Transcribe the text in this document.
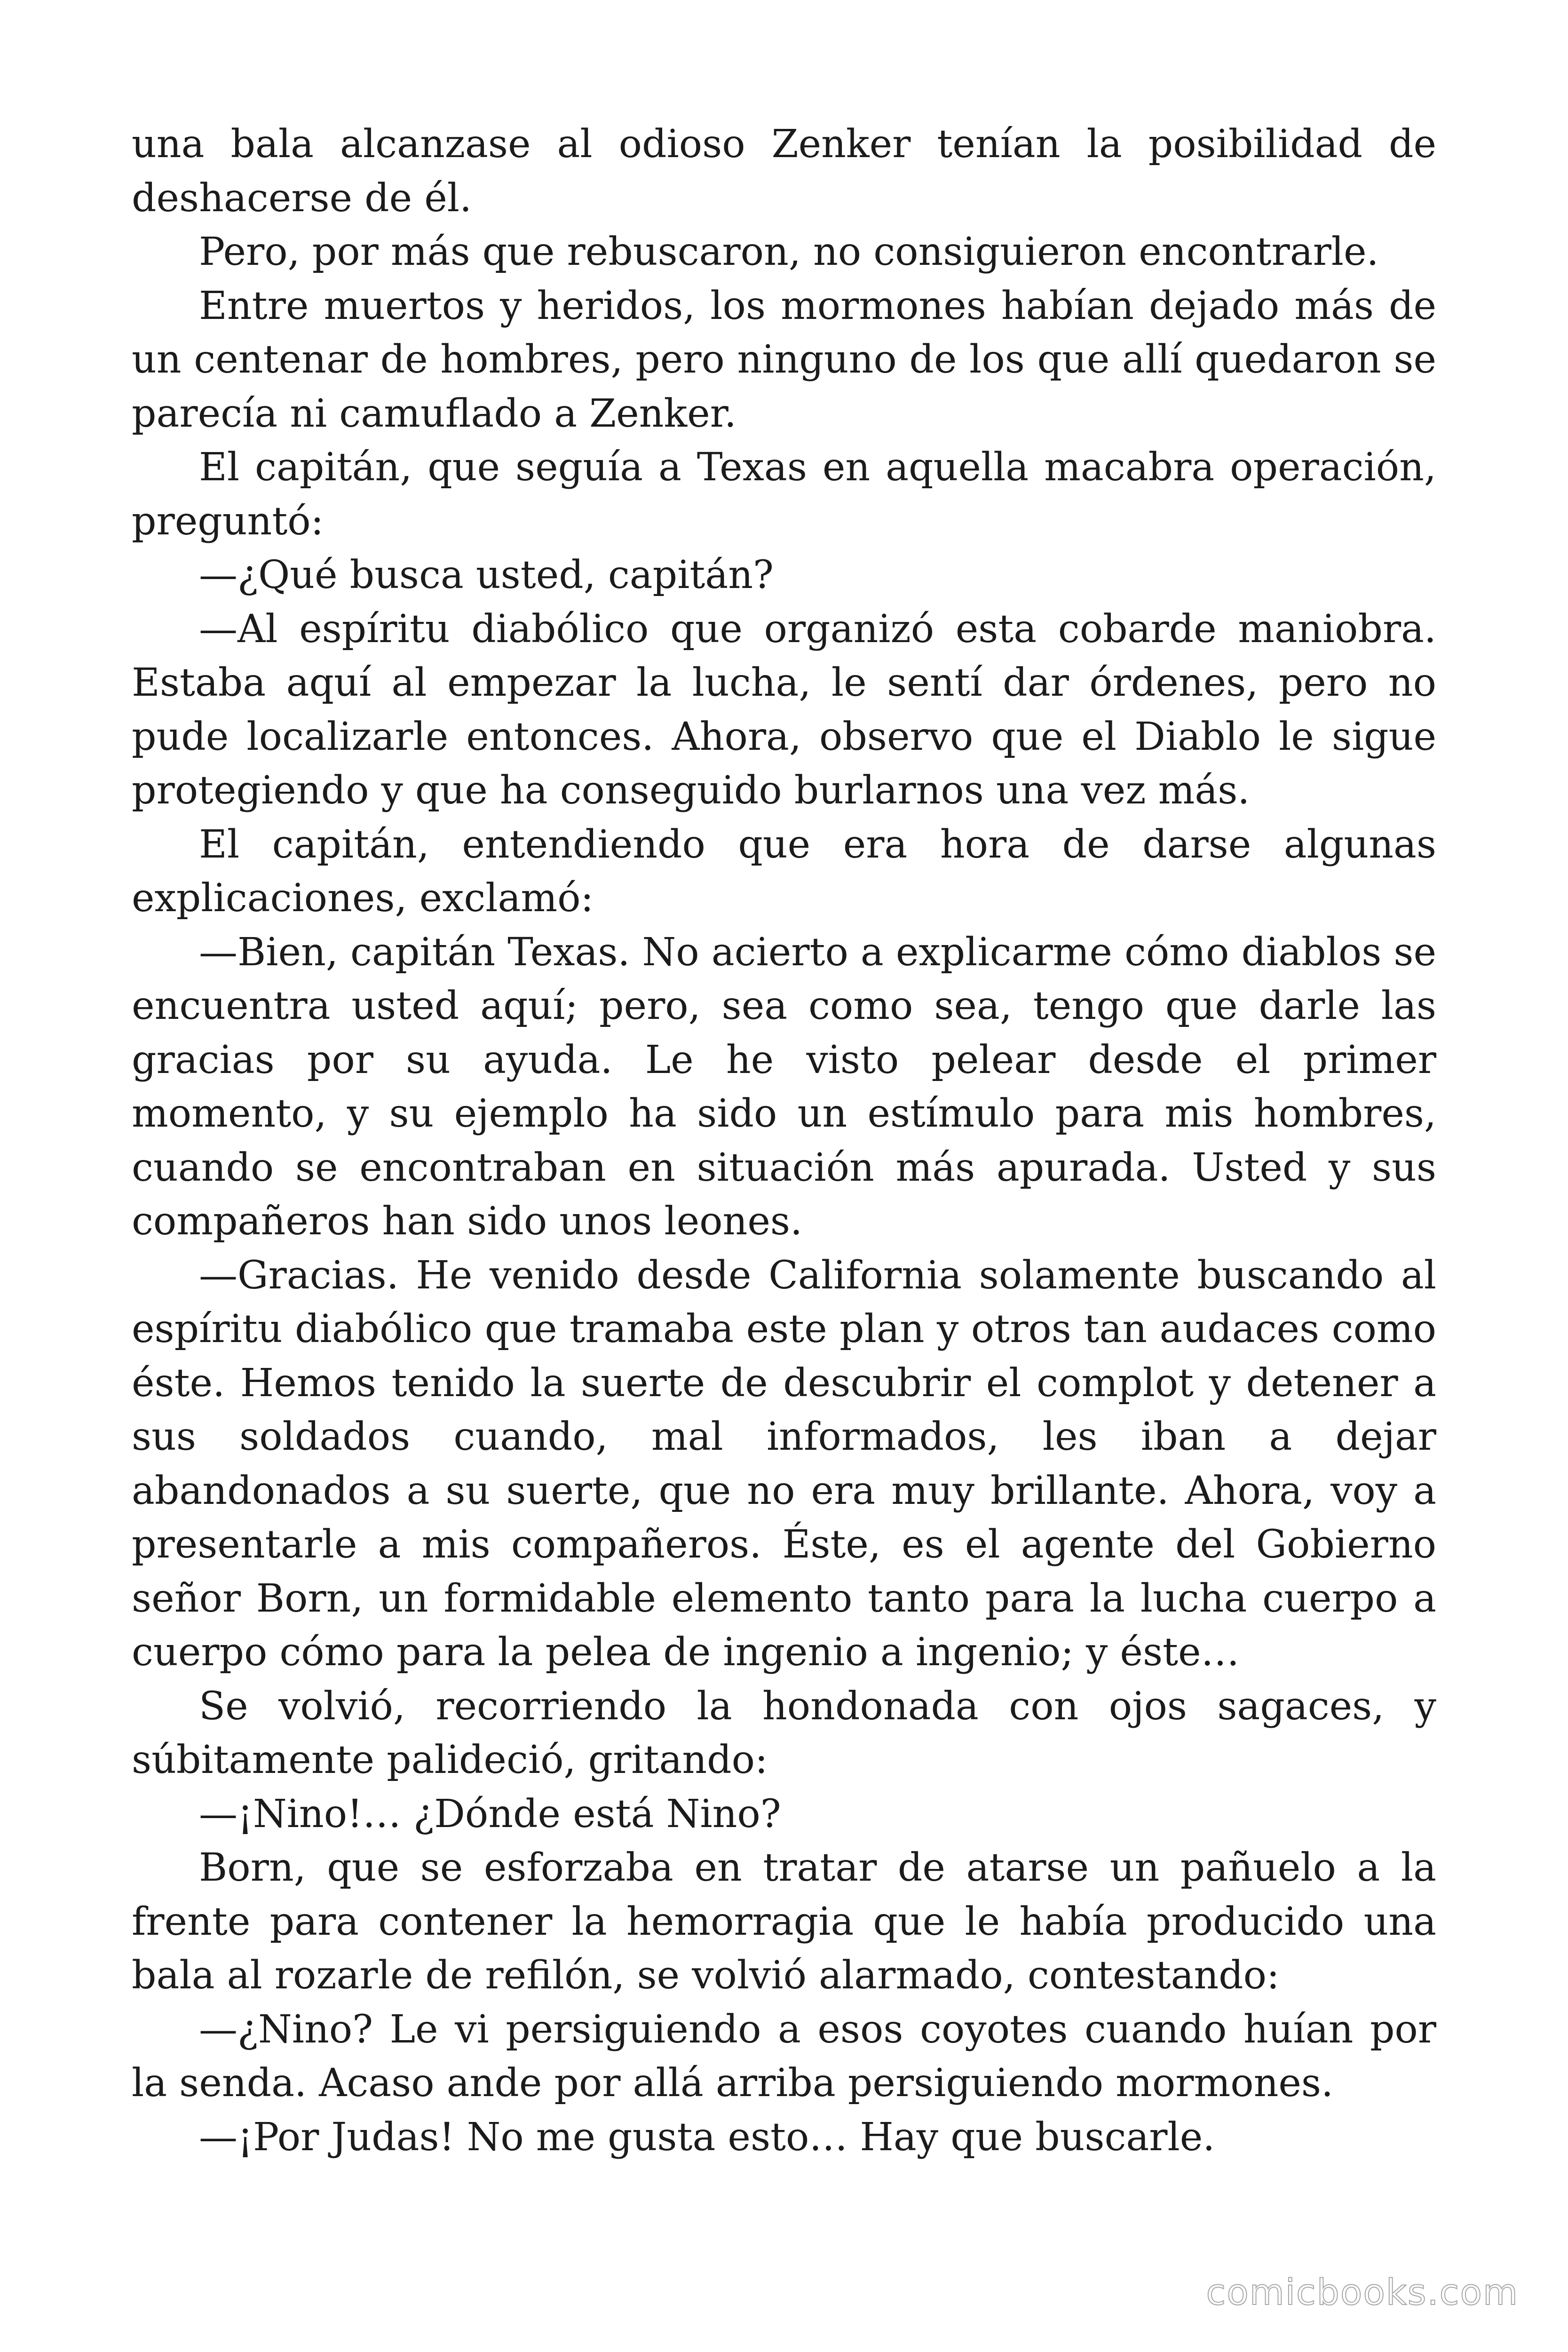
una bala alcanzase al odioso Zenker tenían la posibilidad de deshacerse de él.

Pero, por más que rebuscaron, no consiguieron encontrarle.

Entre muertos y heridos, los mormones habían dejado más de un centenar de hombres, pero ninguno de los que allí quedaron se parecía ni camuflado a Zenker.

El capitán, que seguía a Texas en aquella macabra operación, preguntó:

—¿Qué busca usted, capitán?

—Al espíritu diabólico que organizó esta cobarde maniobra. Estaba aquí al empezar la lucha, le sentí dar órdenes, pero no pude localizarle entonces. Ahora, observo que el Diablo le sigue protegiendo y que ha conseguido burlarnos una vez más.

El capitán, entendiendo que era hora de darse algunas explicaciones, exclamó:

—Bien, capitán Texas. No acierto a explicarme cómo diablos se encuentra usted aquí; pero, sea como sea, tengo que darle las gracias por su ayuda. Le he visto pelear desde el primer momento, y su ejemplo ha sido un estímulo para mis hombres, cuando se encontraban en situación más apurada. Usted y sus compañeros han sido unos leones.

—Gracias. He venido desde California solamente buscando al espíritu diabólico que tramaba este plan y otros tan audaces como éste. Hemos tenido la suerte de descubrir el complot y detener a sus soldados cuando, mal informados, les iban a dejar abandonados a su suerte, que no era muy brillante. Ahora, voy a presentarle a mis compañeros. Éste, es el agente del Gobierno señor Born, un formidable elemento tanto para la lucha cuerpo a cuerpo cómo para la pelea de ingenio a ingenio; y éste…

Se volvió, recorriendo la hondonada con ojos sagaces, y súbitamente palideció, gritando:

—¡Nino!… ¿Dónde está Nino?

Born, que se esforzaba en tratar de atarse un pañuelo a la frente para contener la hemorragia que le había producido una bala al rozarle de refilón, se volvió alarmado, contestando:

—¿Nino? Le vi persiguiendo a esos coyotes cuando huían por la senda. Acaso ande por allá arriba persiguiendo mormones.

—¡Por Judas! No me gusta esto… Hay que buscarle.

comicbooks.com
